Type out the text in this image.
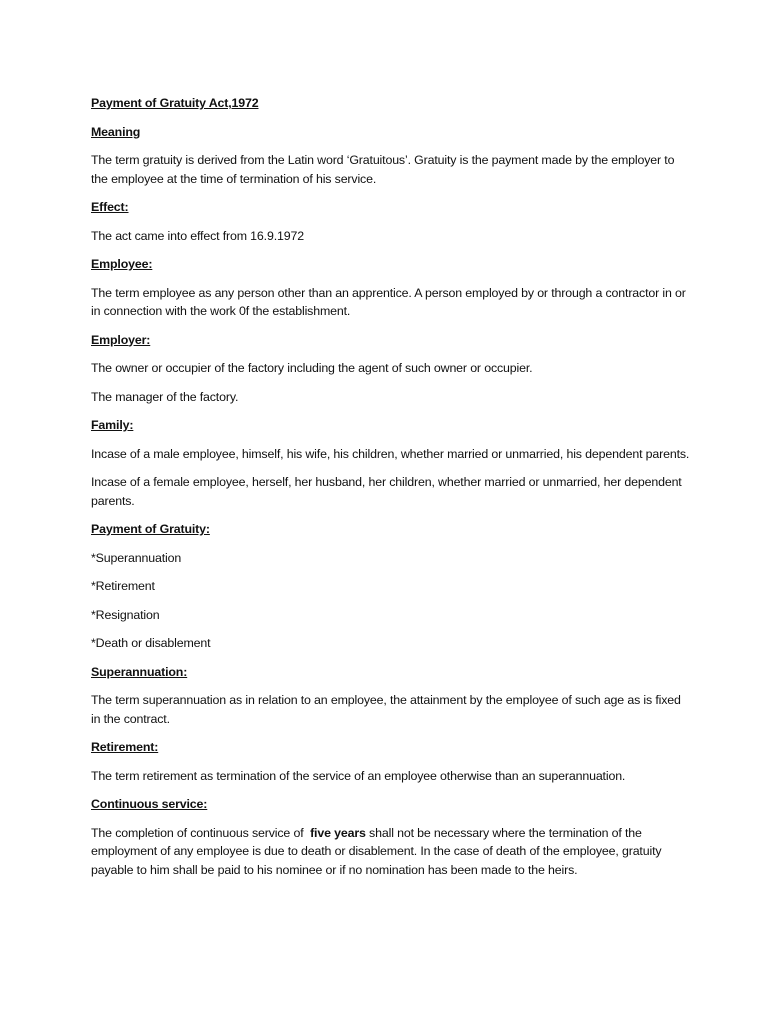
Payment of Gratuity Act,1972
Meaning
The term gratuity is derived from the Latin word ‘Gratuitous’. Gratuity is the payment made by the employer to the employee at the time of termination of his service.
Effect:
The act came into effect from 16.9.1972
Employee:
The term employee as any person other than an apprentice. A person employed by or through a contractor in or in connection with the work 0f the establishment.
Employer:
The owner or occupier of the factory including the agent of such owner or occupier.
The manager of the factory.
Family:
Incase of a male employee, himself, his wife, his children, whether married or unmarried, his dependent parents.
Incase of a female employee, herself, her husband, her children, whether married or unmarried, her dependent parents.
Payment of Gratuity:
*Superannuation
*Retirement
*Resignation
*Death or disablement
Superannuation:
The term superannuation as in relation to an employee, the attainment by the employee of such age as is fixed in the contract.
Retirement:
The term retirement as termination of the service of an employee otherwise than an superannuation.
Continuous service:
The completion of continuous service of  five years shall not be necessary where the termination of the employment of any employee is due to death or disablement. In the case of death of the employee, gratuity payable to him shall be paid to his nominee or if no nomination has been made to the heirs.
